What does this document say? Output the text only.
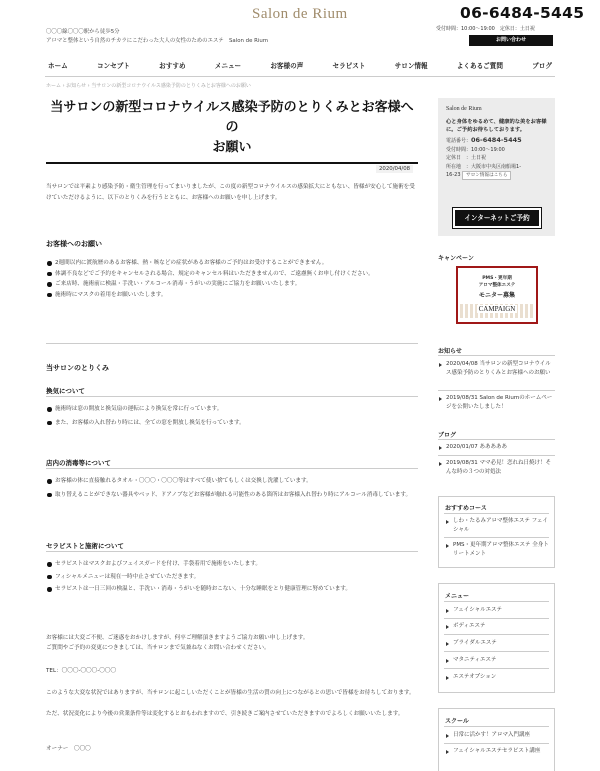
Salon de Rium
〇〇〇線〇〇〇駅から徒歩5分
アロマと整体という自然のチカラにこだわった大人の女性のためのエステ　Salon de Rium
06-6484-5445
受付時間：10:00〜19:00　定休日：土日祝
お問い合わせ
ホーム	コンセプト	おすすめ	メニュー	お客様の声	セラピスト	サロン情報	よくあるご質問	ブログ
ホーム › お知らせ › 当サロンの新型コロナウイルス感染予防のとりくみとお客様へのお願い
当サロンの新型コロナウイルス感染予防のとりくみとお客様への
お願い
2020/04/08
当サロンでは平素より感染予防・衛生管理を行ってまいりましたが、この度の新型コロナウイルスの感染拡大にともない、皆様が安心して施術を受けていただけるように、以下のとりくみを行うとともに、お客様へのお願いを申し上げます。
お客様へのお願い
2週間以内に渡航歴のあるお客様、熱・咳などの症状があるお客様のご予約はお受けすることができません。
体調不良などでご予約をキャンセルされる場合、規定のキャンセル料はいただきませんので、ご遠慮無くお申し付けください。
ご来店時、施術前に検温・手洗い・アルコール消毒・うがいの実施にご協力をお願いいたします。
施術時にマスクの着用をお願いいたします。
当サロンのとりくみ
換気について
施術時は窓の開放と換気扇の運転により換気を常に行っています。
また、お客様の入れ替わり時には、全ての窓を開放し換気を行っています。
店内の消毒等について
お客様の体に直接触れるタオル・〇〇〇・〇〇〇等はすべて使い捨てもしくは交換し洗濯しています。
取り替えることができない器具やベッド、ドアノブなどお客様が触れる可能性のある箇所はお客様入れ替わり時にアルコール消毒しています。
セラピストと施術について
セラピストはマスクおよびフェイスガードを付け、手袋着用で施術をいたします。
フィシャルメニューは現在一時中止させていただきます。
セラピストは一日三回の検温と、手洗い・消毒・うがいを随時おこない、十分な睡眠をとり健康管理に努めています。
お客様には大変ご不便、ご迷惑をおかけしますが、何卒ご理解頂きますようご協力お願い申し上げます。
ご質問やご予約の変更につきましては、当サロンまで気兼ねなくお問い合わせください。
TEL：〇〇〇-〇〇〇-〇〇〇
このような大変な状況ではありますが、当サロンに起こしいただくことが皆様の生活の質の向上につながるとの思いで皆様をお待ちしております。
ただ、状況変化により今後の営業条件等は変化するとおもわれますので、引き続きご案内させていただきますのでよろしくお願いいたします。
オーナー　〇〇〇
Salon de Rium
心と身体をゆるめて、健康的な美をお客様に。ご予約お待ちしております。
電話番号：06-6484-5445
受付時間：10:00〜19:00
定休日　：土日祝
所在地　：大阪市中央区南船場1-
16-23 サロン情報はこちら
インターネットご予約
キャンペーン
PMS・更年期
アロマ整体エステ
モニター募集
CAMPAIGN
お知らせ
2020/04/08 当サロンの新型コロナウイルス感染予防のとりくみとお客様へのお願い
2019/08/31 Salon de Riumのホームページを公開いたしました！
ブログ
2020/01/07 あああああ
2019/08/31 ママ必見！恋れね日焼け！そんな時の３つの対処法
おすすめコース
しわ・たるみアロマ整体エステ フェイシャル
PMS・更年期アロマ整体エステ 全身トリートメント
メニュー
フェイシャルエステ
ボディエステ
ブライダルエステ
マタニティエステ
エステオプション
スクール
日常に活かす！アロマ入門講座
フェイシャルエステセラピスト講座
